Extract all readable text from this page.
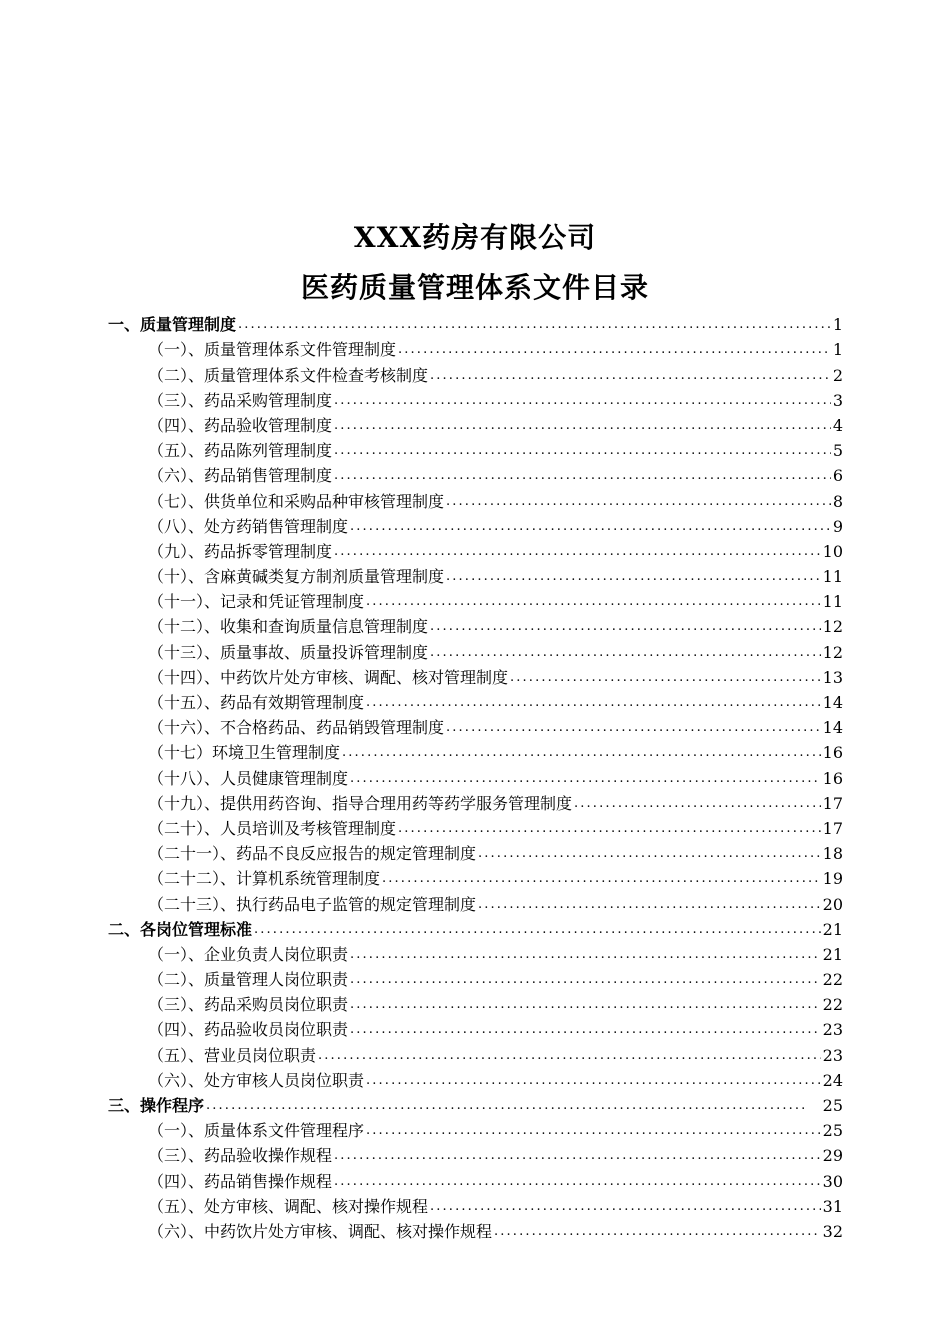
XXX药房有限公司
医药质量管理体系文件目录
一、质量管理制度 . . .	1
（一）、质量管理体系文件管理制度 . . .	1
（二）、质量管理体系文件检查考核制度 . . .	2
（三）、药品采购管理制度 . . .	3
（四）、药品验收管理制度 . . .	4
（五）、药品陈列管理制度 . . .	5
（六）、药品销售管理制度 . . .	6
（七）、供货单位和采购品种审核管理制度 . . .	8
（八）、处方药销售管理制度 . . .	9
（九）、药品拆零管理制度 . . .	10
（十）、含麻黄碱类复方制剂质量管理制度 . . .	11
（十一）、记录和凭证管理制度 . . .	11
（十二）、收集和查询质量信息管理制度 . . .	12
（十三）、质量事故、质量投诉管理制度 . . .	12
（十四）、中药饮片处方审核、调配、核对管理制度 . . .	13
（十五）、药品有效期管理制度 . . .	14
（十六）、不合格药品、药品销毁管理制度 . . .	14
（十七）环境卫生管理制度 . . .	16
（十八）、人员健康管理制度 . . .	16
（十九）、提供用药咨询、指导合理用药等药学服务管理制度 . . .	17
（二十）、人员培训及考核管理制度 . . .	17
（二十一）、药品不良反应报告的规定管理制度 . . .	18
（二十二）、计算机系统管理制度 . . .	19
（二十三）、执行药品电子监管的规定管理制度 . . .	20
二、各岗位管理标准 . . .	21
（一）、企业负责人岗位职责 . . .	21
（二）、质量管理人岗位职责 . . .	22
（三）、药品采购员岗位职责 . . .	22
（四）、药品验收员岗位职责 . . .	23
（五）、营业员岗位职责 . . .	23
（六）、处方审核人员岗位职责 . . .	24
三、操作程序 . . .	25
（一）、质量体系文件管理程序 . . .	25
（三）、药品验收操作规程 . . .	29
（四）、药品销售操作规程 . . .	30
（五）、处方审核、调配、核对操作规程 . . .	31
（六）、中药饮片处方审核、调配、核对操作规程 . . .	32
